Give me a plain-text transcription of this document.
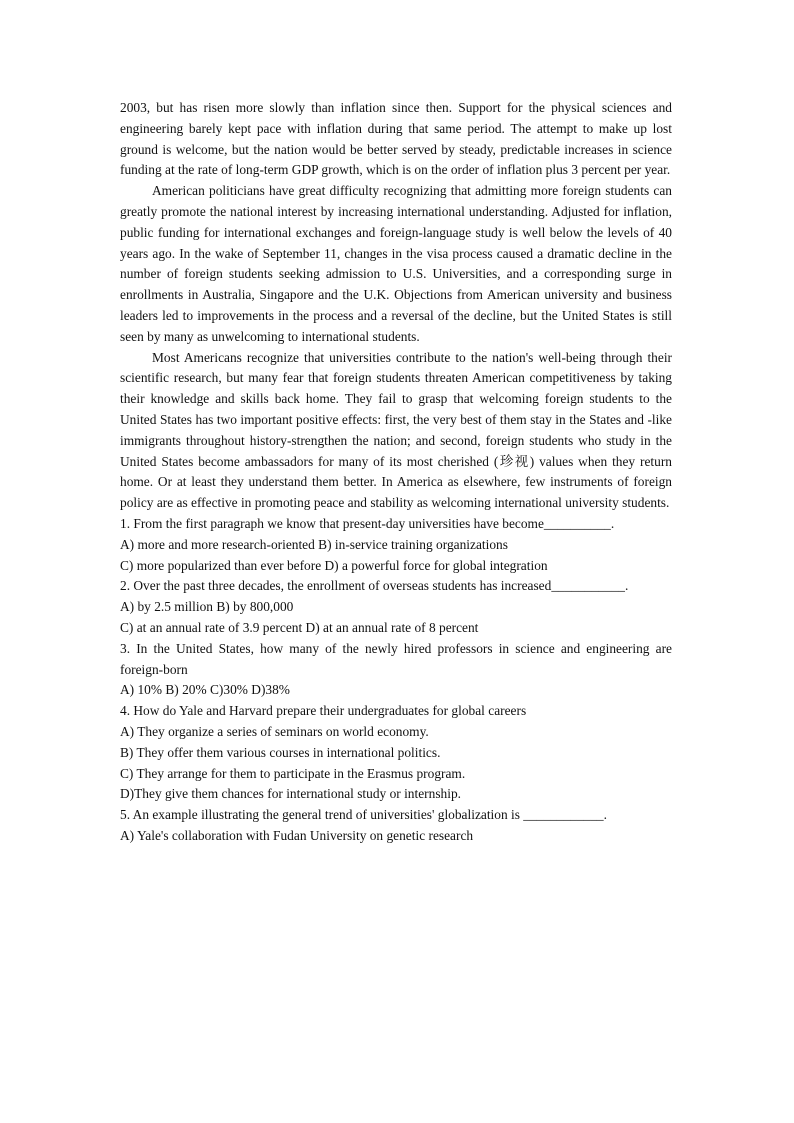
2003, but has risen more slowly than inflation since then. Support for the physical sciences and engineering barely kept pace with inflation during that same period. The attempt to make up lost ground is welcome, but the nation would be better served by steady, predictable increases in science funding at the rate of long-term GDP growth, which is on the order of inflation plus 3 percent per year.

American politicians have great difficulty recognizing that admitting more foreign students can greatly promote the national interest by increasing international understanding. Adjusted for inflation, public funding for international exchanges and foreign-language study is well below the levels of 40 years ago. In the wake of September 11, changes in the visa process caused a dramatic decline in the number of foreign students seeking admission to U.S. Universities, and a corresponding surge in enrollments in Australia, Singapore and the U.K. Objections from American university and business leaders led to improvements in the process and a reversal of the decline, but the United States is still seen by many as unwelcoming to international students.

Most Americans recognize that universities contribute to the nation's well-being through their scientific research, but many fear that foreign students threaten American competitiveness by taking their knowledge and skills back home. They fail to grasp that welcoming foreign students to the United States has two important positive effects: first, the very best of them stay in the States and -like immigrants throughout history-strengthen the nation; and second, foreign students who study in the United States become ambassadors for many of its most cherished (珍视) values when they return home. Or at least they understand them better. In America as elsewhere, few instruments of foreign policy are as effective in promoting peace and stability as welcoming international university students.

1. From the first paragraph we know that present-day universities have become__________.

A) more and more research-oriented B) in-service training organizations

C) more popularized than ever before D) a powerful force for global integration

2. Over the past three decades, the enrollment of overseas students has increased___________.

A) by 2.5 million B) by 800,000

C) at an annual rate of 3.9 percent D) at an annual rate of 8 percent

3. In the United States, how many of the newly hired professors in science and engineering are foreign-born

A) 10% B) 20% C)30% D)38%

4. How do Yale and Harvard prepare their undergraduates for global careers

A) They organize a series of seminars on world economy.

B) They offer them various courses in international politics.

C) They arrange for them to participate in the Erasmus program.

D)They give them chances for international study or internship.

5. An example illustrating the general trend of universities' globalization is ____________.

A) Yale's collaboration with Fudan University on genetic research
